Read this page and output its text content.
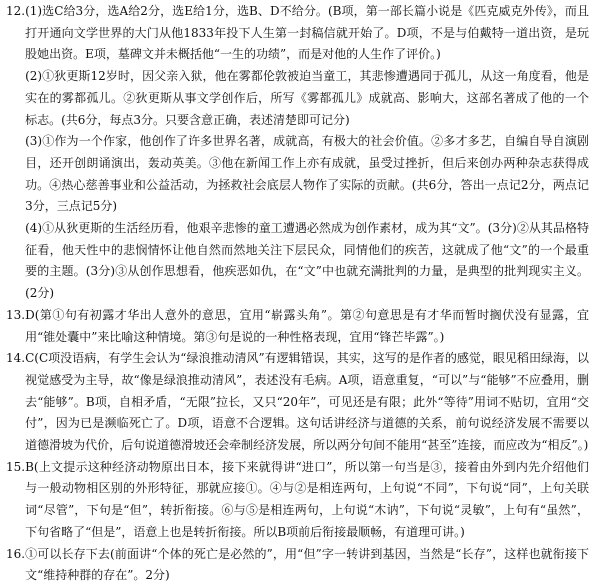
12. (1)选C给3分，选A给2分，选E给1分，选B、D不给分。(B项，第一部长篇小说是《匹克威克外传》，而且打开通向文学世界的大门从他1833年投下人生第一封稿信就开始了。D项，不是与伯戴特一道出资，是玩股她出资。E项，墓碑文并未概括他“一生的功绩”，而是对他的人生作了评价。)

(2)①狄更斯12岁时，因父亲入狱，他在雾都伦敦被迫当童工，其悲惨遭遇同于孤儿，从这一角度看，他是实在的雾都孤儿。②狄更斯从事文学创作后，所写《雾都孤儿》成就高、影响大，这部名著成了他的一个标志。(共6分，每点3分。只要含意正确，表述清楚即可记分)

(3)①作为一个作家，他创作了许多世界名著，成就高，有极大的社会价值。②多才多艺，自编自导自演剧目，还开创朗诵演出，轰动英美。③他在新闻工作上亦有成就，虽受过挫折，但后来创办两种杂志获得成功。④热心慈善事业和公益活动，为拯救社会底层人物作了实际的贡献。(共6分，答出一点记2分，两点记3分，三点记5分)

(4)①从狄更斯的生活经历看，他艰辛悲惨的童工遭遇必然成为创作素材，成为其“文”。(3分)②从其品格特征看，他天性中的悲悯情怀让他自然而然地关注下层民众，同情他们的疾苦，这就成了他“文”的一个最重要的主题。(3分)③从创作思想看，他疾恶如仇，在“文”中也就充满批判的力量，是典型的批判现实主义。(2分)

13. D(第①句有初露才华出人意外的意思，宜用“崭露头角”。第②句意思是有才华而暂时搁伏没有显露，宜用“锥处囊中”来比喻这种情境。第③句是说的一种性格表现，宜用“锋芒毕露”。)

14. C(C项没语病，有学生会认为“绿浪推动清风”有逻辑错误，其实，这写的是作者的感觉，眼见稻田绿海，以视觉感受为主导，故“像是绿浪推动清风”，表述没有毛病。A项，语意重复，“可以”与“能够”不应叠用，删去“能够”。B项，自相矛盾，“无限”拉长，又只“20年”，可见还是有限；此外“等待”用词不贴切，宜用“交付”，因为已是濒临死亡了。D项，语意不合逻辑。这句话讲经济与道德的关系，前句说经济发展不需要以道德滑坡为代价，后句说道德滑坡还会牵制经济发展，所以两分句间不能用“甚至”连接，而应改为“相反”。)

15. B(上文提示这种经济动物原出日本，接下来就得讲“进口”，所以第一句当是③，接着由外到内先介绍他们与一般动物相区别的外形特征，那就应接①。④与②是相连两句，上句说“不同”，下句说“同”，上句关联词“尽管”，下句是“但”，转折衔接。⑥与⑤是相连两句，上句说“木讷”，下句说“灵敏”，上句有“虽然”，下句省略了“但是”，语意上也是转折衔接。所以B项前后衔接最顺畅，有道理可讲。)

16. ①可以长存下去(前面讲“个体的死亡是必然的”，用“但”字一转讲到基因，当然是“长存”，这样也就衔接下文“维持种群的存在”。2分)
